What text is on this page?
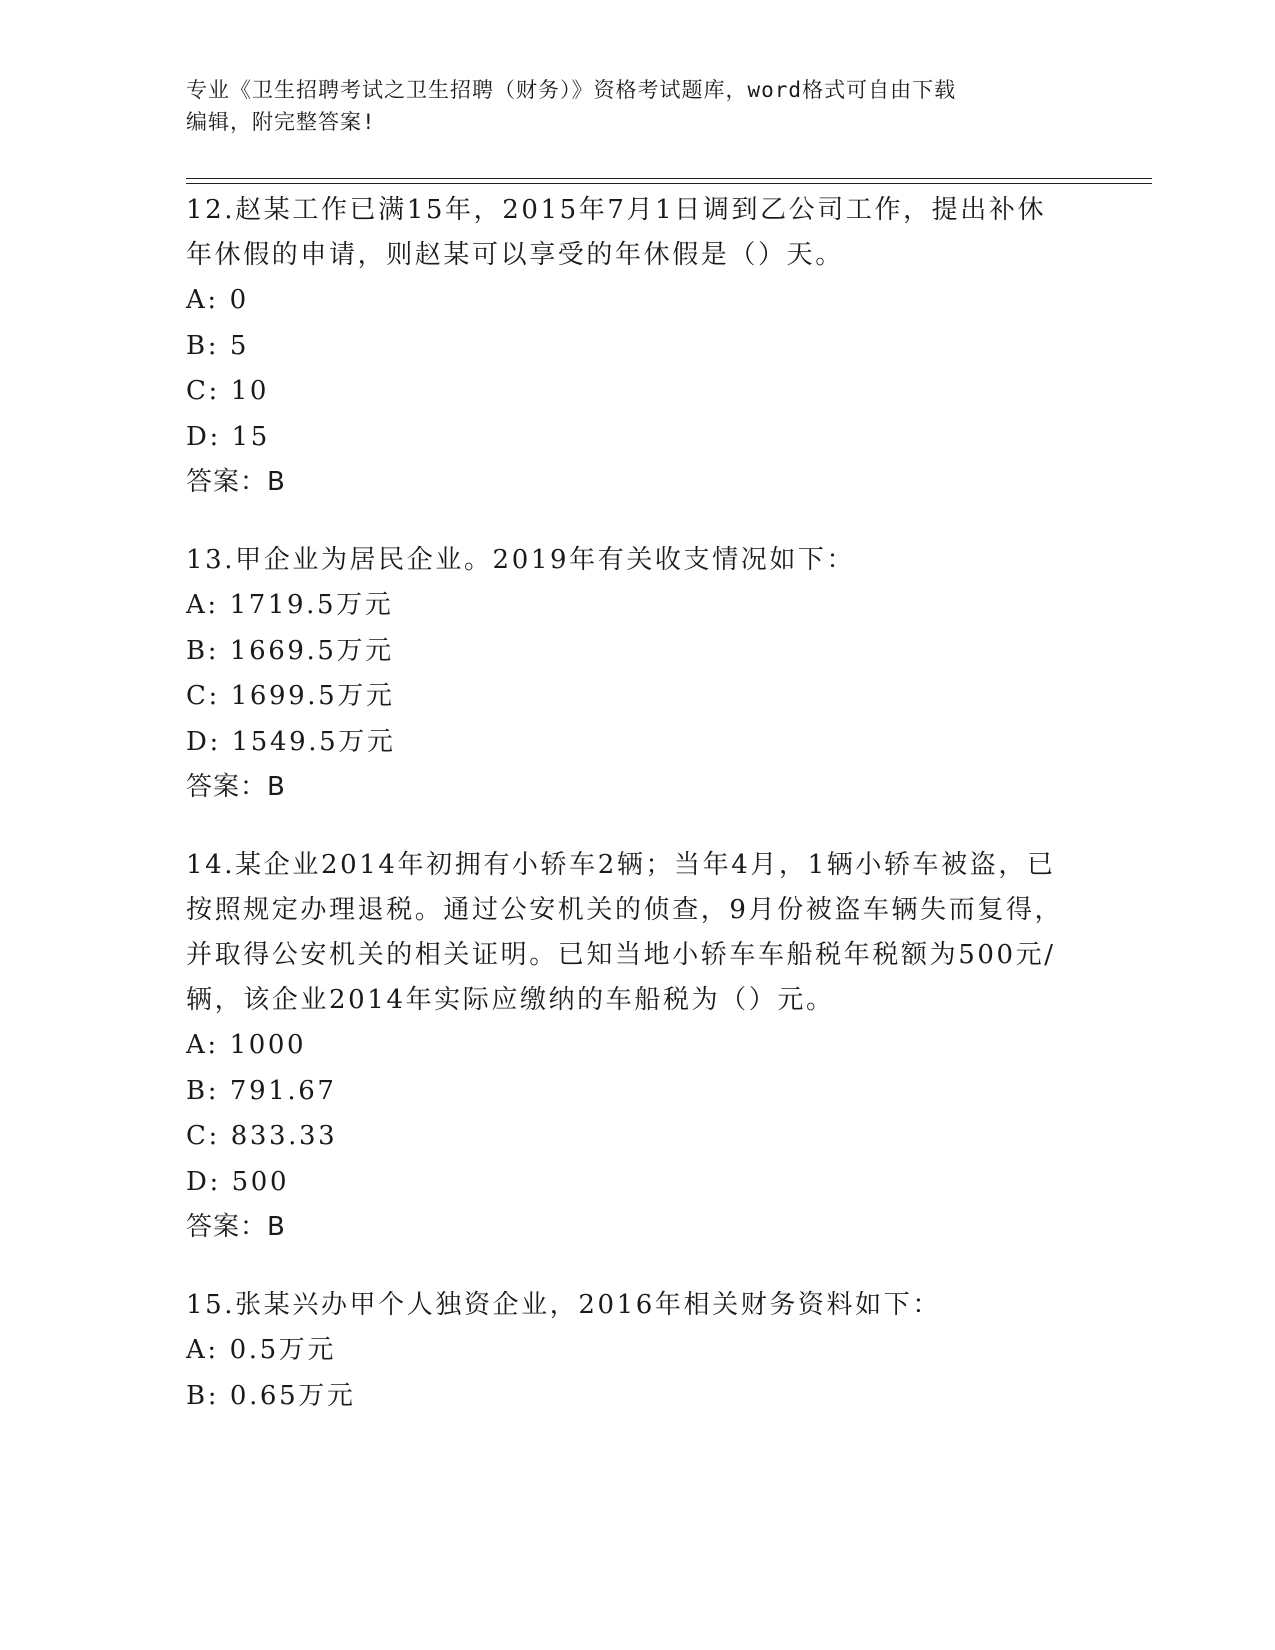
专业《卫生招聘考试之卫生招聘（财务）》资格考试题库，word格式可自由下载
编辑，附完整答案!

12.赵某工作已满15年，2015年7月1日调到乙公司工作，提出补休

年休假的申请，则赵某可以享受的年休假是（）天。

A: 0

B: 5

C: 10

D: 15

答案：B

13.甲企业为居民企业。2019年有关收支情况如下：

A: 1719.5万元

B: 1669.5万元

C: 1699.5万元

D: 1549.5万元

答案：B

14.某企业2014年初拥有小轿车2辆；当年4月，1辆小轿车被盗，已

按照规定办理退税。通过公安机关的侦查，9月份被盗车辆失而复得，

并取得公安机关的相关证明。已知当地小轿车车船税年税额为500元/

辆，该企业2014年实际应缴纳的车船税为（）元。

A: 1000

B: 791.67

C: 833.33

D: 500

答案：B

15.张某兴办甲个人独资企业，2016年相关财务资料如下：

A: 0.5万元

B: 0.65万元
